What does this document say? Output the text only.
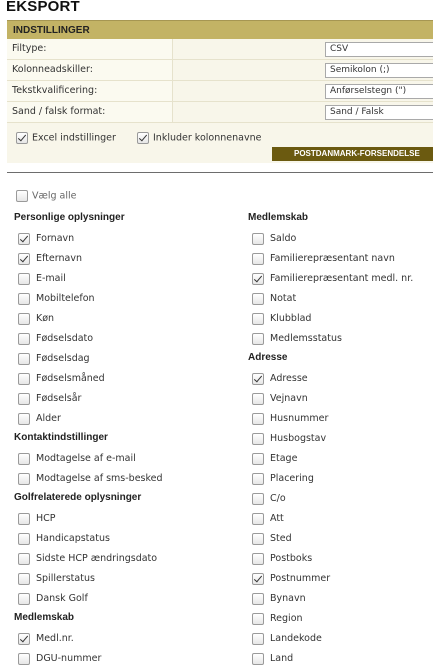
EKSPORT
INDSTILLINGER
Filtype:	CSV
Kolonneadskiller:	Semikolon (;)
Tekstkvalificering:	Anførselstegn (")
Sand / falsk format:	Sand / Falsk
Excel indstillinger	Inkluder kolonnenavne
POSTDANMARK-FORSENDELSE
Vælg alle
Personlige oplysninger
Fornavn
Efternavn
E-mail
Mobiltelefon
Køn
Fødselsdato
Fødselsdag
Fødselsmåned
Fødselsår
Alder
Kontaktindstillinger
Modtagelse af e-mail
Modtagelse af sms-besked
Golfrelaterede oplysninger
HCP
Handicapstatus
Sidste HCP ændringsdato
Spillerstatus
Dansk Golf
Medlemskab
Medl.nr.
DGU-nummer
Medlemskab
Saldo
Familierepræsentant navn
Familierepræsentant medl. nr.
Notat
Klubblad
Medlemsstatus
Adresse
Adresse
Vejnavn
Husnummer
Husbogstav
Etage
Placering
C/o
Att
Sted
Postboks
Postnummer
Bynavn
Region
Landekode
Land
